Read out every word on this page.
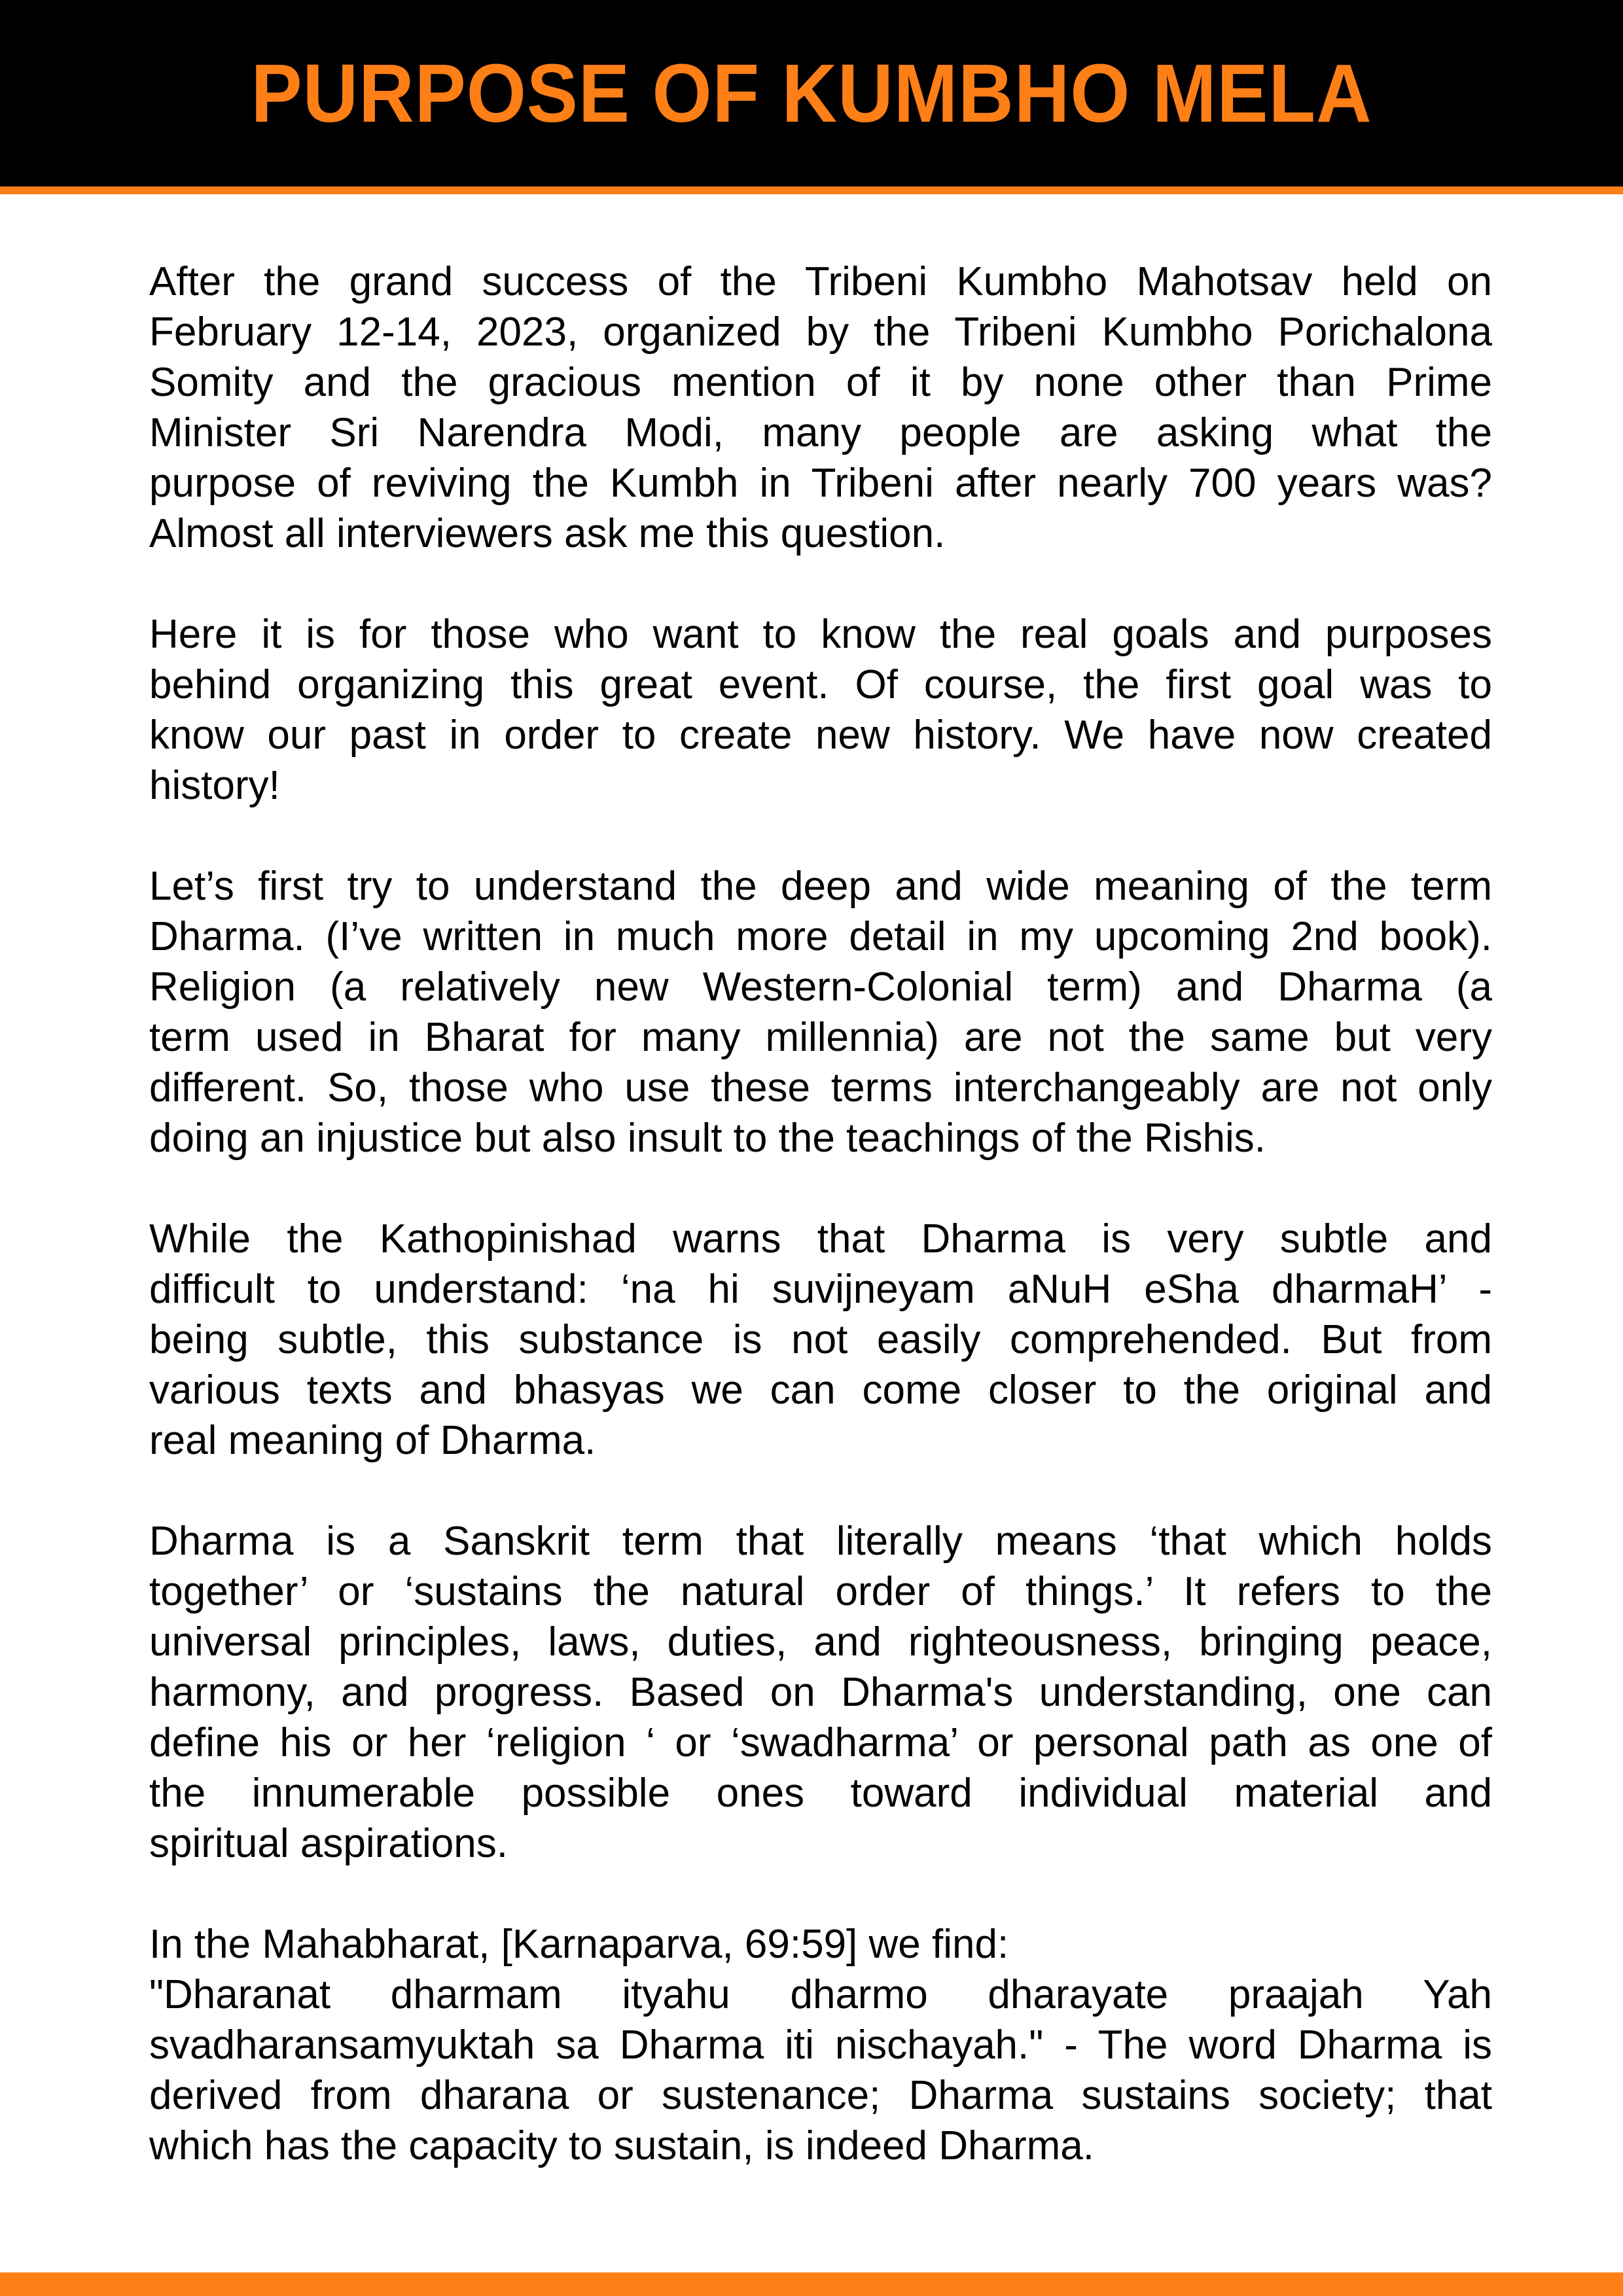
PURPOSE OF KUMBHO MELA
After the grand success of the Tribeni Kumbho Mahotsav held on
February 12-14, 2023, organized by the Tribeni Kumbho Porichalona
Somity and the gracious mention of it by none other than Prime
Minister Sri Narendra Modi, many people are asking what the
purpose of reviving the Kumbh in Tribeni after nearly 700 years was?
Almost all interviewers ask me this question.
Here it is for those who want to know the real goals and purposes
behind organizing this great event. Of course, the first goal was to
know our past in order to create new history. We have now created
history!
Let’s first try to understand the deep and wide meaning of the term
Dharma. (I’ve written in much more detail in my upcoming 2nd book).
Religion (a relatively new Western-Colonial term) and Dharma (a
term used in Bharat for many millennia) are not the same but very
different. So, those who use these terms interchangeably are not only
doing an injustice but also insult to the teachings of the Rishis.
While the Kathopinishad warns that Dharma is very subtle and
difficult to understand: ‘na hi suvijneyam aNuH eSha dharmaH’ -
being subtle, this substance is not easily comprehended. But from
various texts and bhasyas we can come closer to the original and
real meaning of Dharma.
Dharma is a Sanskrit term that literally means ‘that which holds
together’ or ‘sustains the natural order of things.’ It refers to the
universal principles, laws, duties, and righteousness, bringing peace,
harmony, and progress. Based on Dharma's understanding, one can
define his or her ‘religion ‘ or ‘swadharma’ or personal path as one of
the innumerable possible ones toward individual material and
spiritual aspirations.
In the Mahabharat, [Karnaparva, 69:59] we find:
"Dharanat dharmam ityahu dharmo dharayate praajah Yah
svadharansamyuktah sa Dharma iti nischayah." - The word Dharma is
derived from dharana or sustenance; Dharma sustains society; that
which has the capacity to sustain, is indeed Dharma.
